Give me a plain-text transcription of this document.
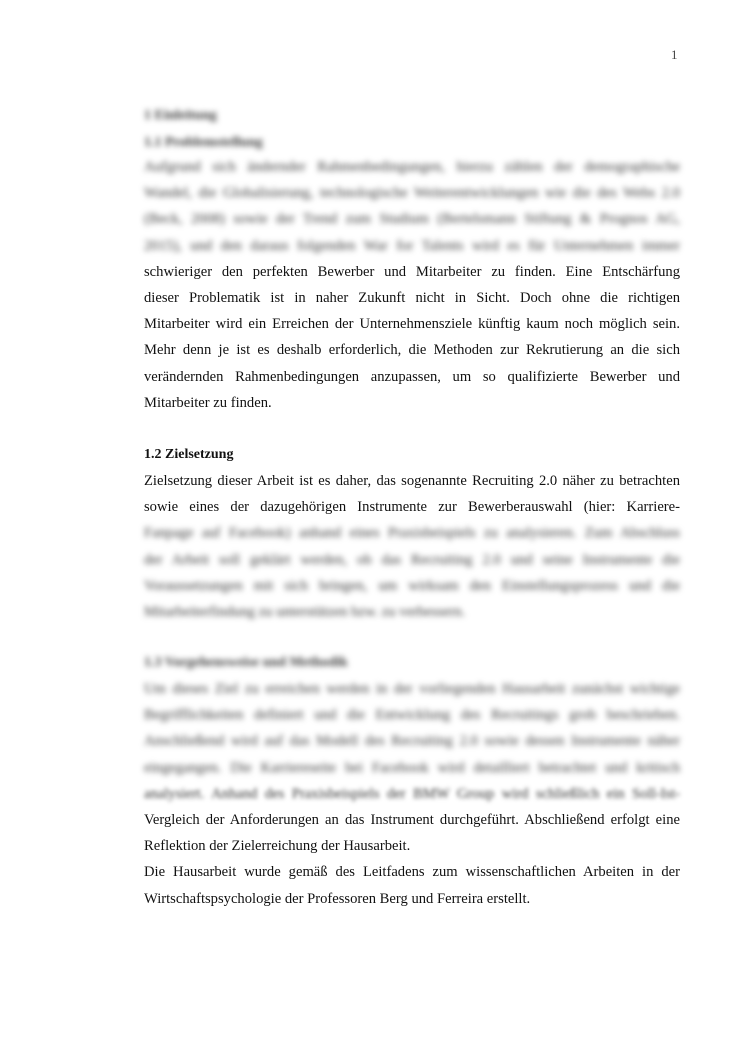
1
1 Einleitung
1.1 Problemstellung
Aufgrund sich ändernder Rahmenbedingungen, hierzu zählen der demographische
Wandel, die Globalisierung, technologische Weiterentwicklungen wie die des Webs 2.0
(Beck, 2008) sowie der Trend zum Studium (Bertelsmann Stiftung & Prognos AG,
2015), und den daraus folgenden War for Talents wird es für Unternehmen immer
schwieriger den perfekten Bewerber und Mitarbeiter zu finden. Eine Entschärfung
dieser Problematik ist in naher Zukunft nicht in Sicht. Doch ohne die richtigen
Mitarbeiter wird ein Erreichen der Unternehmensziele künftig kaum noch möglich sein.
Mehr denn je ist es deshalb erforderlich, die Methoden zur Rekrutierung an die sich
verändernden Rahmenbedingungen anzupassen, um so qualifizierte Bewerber und
Mitarbeiter zu finden.
1.2 Zielsetzung
Zielsetzung dieser Arbeit ist es daher, das sogenannte Recruiting 2.0 näher zu betrachten
sowie eines der dazugehörigen Instrumente zur Bewerberauswahl (hier: Karriere-
Fanpage auf Facebook) anhand eines Praxisbeispiels zu analysieren. Zum Abschluss
der Arbeit soll geklärt werden, ob das Recruiting 2.0 und seine Instrumente die
Voraussetzungen mit sich bringen, um wirksam den Einstellungsprozess und die
Mitarbeiterfindung zu unterstützen bzw. zu verbessern.
1.3 Vorgehensweise und Methodik
Um dieses Ziel zu erreichen werden in der vorliegenden Hausarbeit zunächst wichtige
Begrifflichkeiten definiert und die Entwicklung des Recruitings grob beschrieben.
Anschließend wird auf das Modell des Recruiting 2.0 sowie dessen Instrumente näher
eingegangen. Die Karriereseite bei Facebook wird detailliert betrachtet und kritisch
analysiert. Anhand des Praxisbeispiels der BMW Group wird schließlich ein Soll-Ist-
Vergleich der Anforderungen an das Instrument durchgeführt. Abschließend erfolgt eine
Reflektion der Zielerreichung der Hausarbeit.
Die Hausarbeit wurde gemäß des Leitfadens zum wissenschaftlichen Arbeiten in der
Wirtschaftspsychologie der Professoren Berg und Ferreira erstellt.
